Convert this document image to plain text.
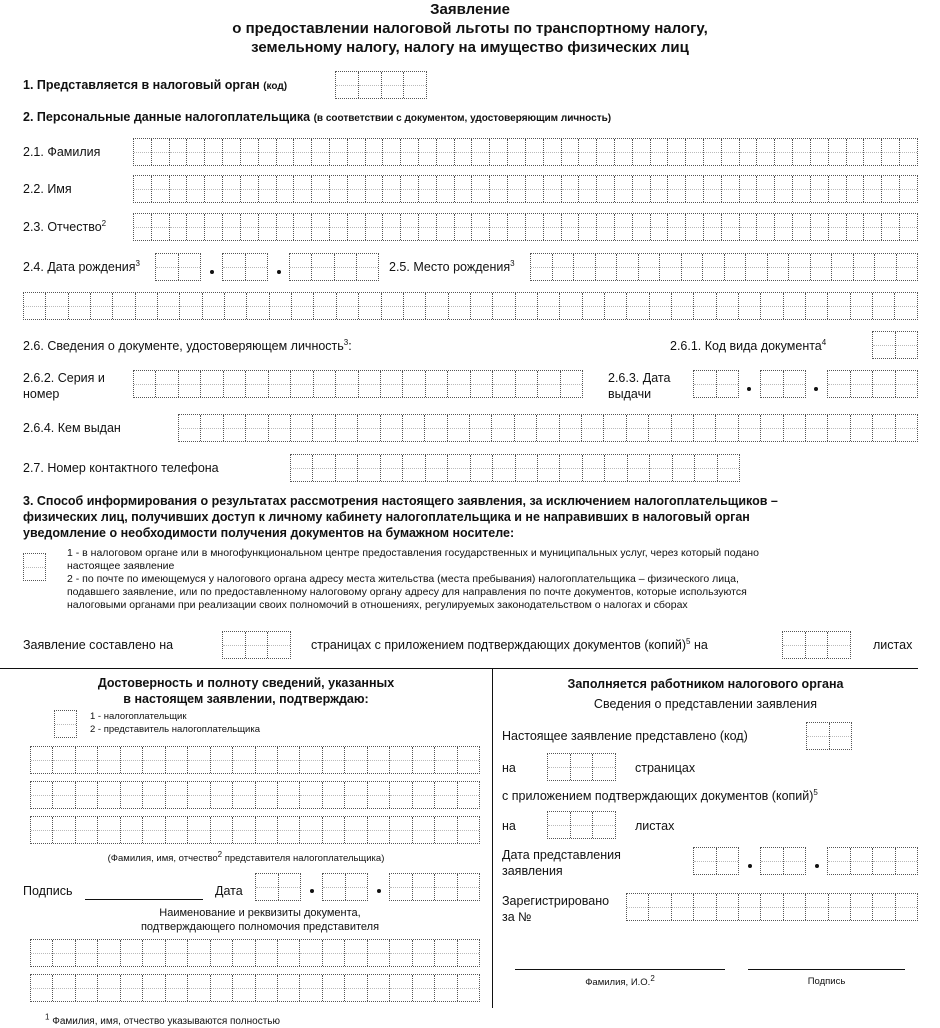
Заявление
о предоставлении налоговой льготы по транспортному налогу,
земельному налогу, налогу на имущество физических лиц
1. Представляется в налоговый орган (код)
2. Персональные данные налогоплательщика (в соответствии с документом, удостоверяющим личность)
2.1. Фамилия
2.2. Имя
2.3. Отчество$^2$
2.4. Дата рождения$^3$	2.5. Место рождения$^3$
2.6. Сведения о документе, удостоверяющем личность$^3$:	2.6.1. Код вида документа$^4$
2.6.2. Серия и
номер
2.6.3. Дата
выдачи
2.6.4. Кем выдан
2.7. Номер контактного телефона
3. Способ информирования о результатах рассмотрения настоящего заявления, за исключением налогоплательщиков –
физических лиц, получивших доступ к личному кабинету налогоплательщика и не направивших в налоговый орган
уведомление о необходимости получения документов на бумажном носителе:
1 - в налоговом органе или в многофункциональном центре предоставления государственных и муниципальных услуг, через который подано
настоящее заявление
2 - по почте по имеющемуся у налогового органа адресу места жительства (места пребывания) налогоплательщика – физического лица,
подавшего заявление, или по предоставленному налоговому органу адресу для направления по почте документов, которые используются
налоговыми органами при реализации своих полномочий в отношениях, регулируемых законодательством о налогах и сборах
Заявление составлено на	страницах с приложением подтверждающих документов (копий)$^5$ на	листах
Достоверность и полноту сведений, указанных
в настоящем заявлении, подтверждаю:
1 - налогоплательщик
2 - представитель налогоплательщика
(Фамилия, имя, отчество$^2$ представителя налогоплательщика)
Подпись	Дата
Наименование и реквизиты документа,
подтверждающего полномочия представителя
Заполняется работником налогового органа
Сведения о представлении заявления
Настоящее заявление представлено (код)
на	страницах
с приложением подтверждающих документов (копий)$^5$
на	листах
Дата представления
заявления
Зарегистрировано
за №
Фамилия, И.О.$^2$	Подпись
$^1$ Фамилия, имя, отчество указываются полностью
